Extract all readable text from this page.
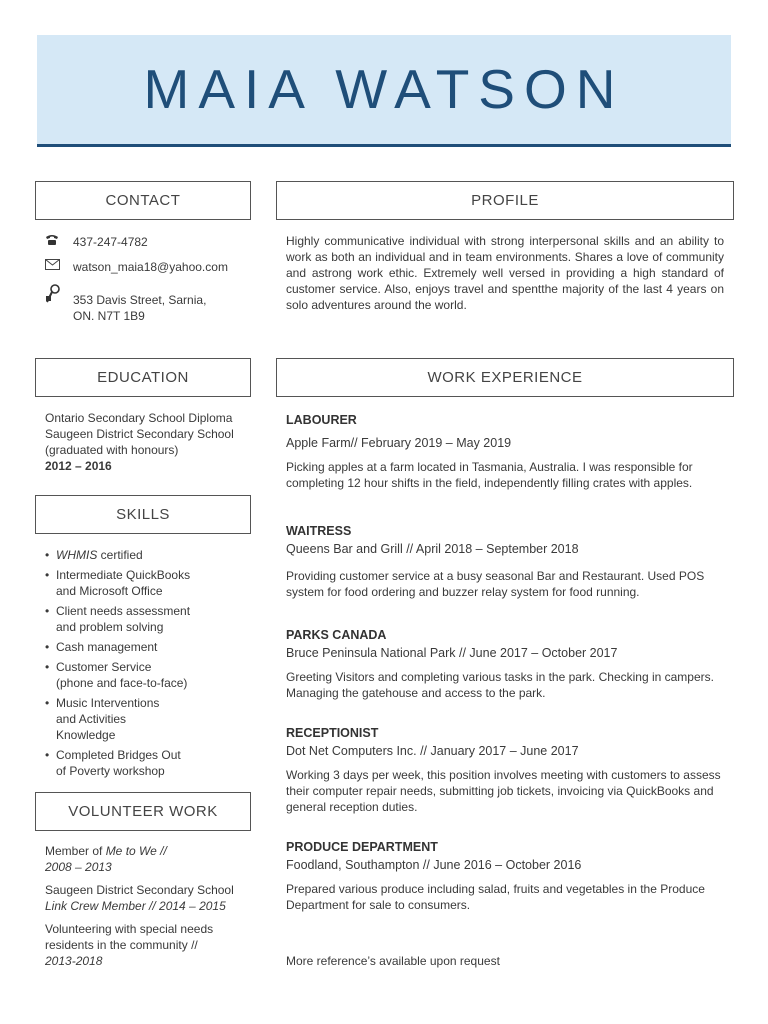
MAIA WATSON
CONTACT	PROFILE
EDUCATION	WORK EXPERIENCE
SKILLS
VOLUNTEER WORK
437-247-4782
watson_maia18@yahoo.com
353 Davis Street, Sarnia,
ON. N7T 1B9
Highly communicative individual with strong interpersonal skills and an ability to work as both an individual and in team environments. Shares a love of community and astrong work ethic. Extremely well versed in providing a high standard of customer service. Also, enjoys travel and spentthe majority of the last 4 years on solo adventures around the world.
Ontario Secondary School Diploma
Saugeen District Secondary School
(graduated with honours)
2012 – 2016
• WHMIS certified
• Intermediate QuickBooks
and Microsoft Office
• Client needs assessment
and problem solving
• Cash management
• Customer Service
(phone and face-to-face)
• Music Interventions
and Activities
Knowledge
• Completed Bridges Out
of Poverty workshop
Member of Me to We //
2008 – 2013
Saugeen District Secondary School
Link Crew Member // 2014 – 2015
Volunteering with special needs residents in the community //
2013-2018
LABOURER
Apple Farm// February 2019 – May 2019
Picking apples at a farm located in Tasmania, Australia. I was responsible for completing 12 hour shifts in the field, independently filling crates with apples.
WAITRESS
Queens Bar and Grill // April 2018 – September 2018
Providing customer service at a busy seasonal Bar and Restaurant. Used POS system for food ordering and buzzer relay system for food running.
PARKS CANADA
Bruce Peninsula National Park // June 2017 – October 2017
Greeting Visitors and completing various tasks in the park. Checking in campers. Managing the gatehouse and access to the park.
RECEPTIONIST
Dot Net Computers Inc. // January 2017 – June 2017
Working 3 days per week, this position involves meeting with customers to assess their computer repair needs, submitting job tickets, invoicing via QuickBooks and general reception duties.
PRODUCE DEPARTMENT
Foodland, Southampton // June 2016 – October 2016
Prepared various produce including salad, fruits and vegetables in the Produce Department for sale to consumers.
More reference’s available upon request
